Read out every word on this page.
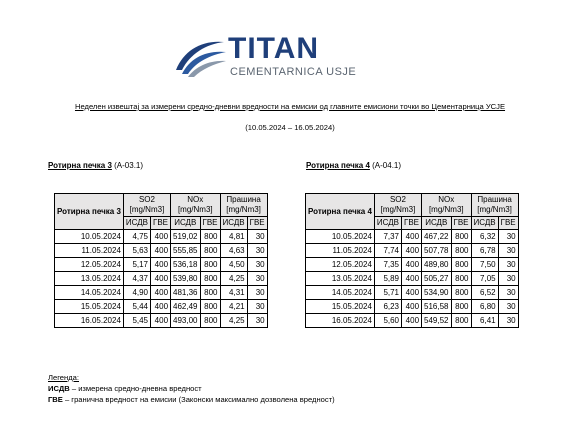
TITAN
CEMENTARNICA USJE
Неделен извештај за измерени средно-дневни вредности на емисии од главните емисиони точки во Цементарница УСЈЕ
(10.05.2024 – 16.05.2024)
Ротирна печка 3 (А-03.1)	Ротирна печка 4 (А-04.1)
Ротирна печка 3	SO2
[mg/Nm3]		NOx
[mg/Nm3]		Прашина
[mg/Nm3]	
	ИСДВ	ГВЕ	ИСДВ	ГВЕ	ИСДВ	ГВЕ
10.05.2024	4,75	400	519,02	800	4,81	30
11.05.2024	5,63	400	555,85	800	4,63	30
12.05.2024	5,17	400	536,18	800	4,50	30
13.05.2024	4,37	400	539,80	800	4,25	30
14.05.2024	4,90	400	481,36	800	4,31	30
15.05.2024	5,44	400	462,49	800	4,21	30
16.05.2024	5,45	400	493,00	800	4,25	30
Ротирна печка 4	SO2
[mg/Nm3]		NOx
[mg/Nm3]		Прашина
[mg/Nm3]	
	ИСДВ	ГВЕ	ИСДВ	ГВЕ	ИСДВ	ГВЕ
10.05.2024	7,37	400	467,22	800	6,32	30
11.05.2024	7,74	400	507,78	800	6,78	30
12.05.2024	7,35	400	489,80	800	7,50	30
13.05.2024	5,89	400	505,27	800	7,05	30
14.05.2024	5,71	400	534,90	800	6,52	30
15.05.2024	6,23	400	516,58	800	6,80	30
16.05.2024	5,60	400	549,52	800	6,41	30
Легенда:
ИСДВ – измерена средно-дневна вредност
ГВЕ – гранична вредност на емисии (Законски максимално дозволена вредност)
